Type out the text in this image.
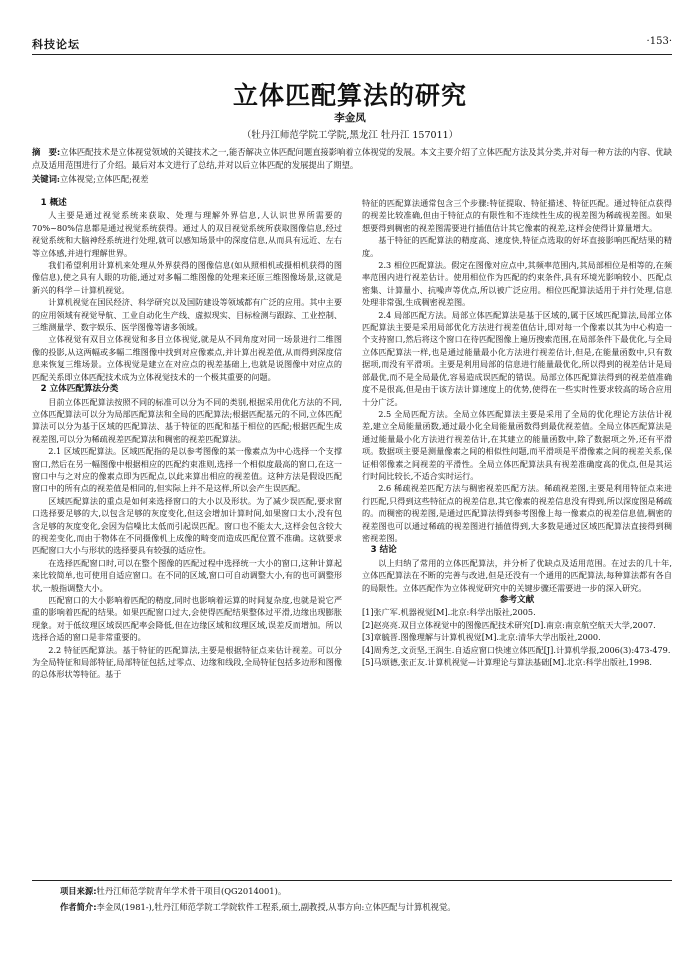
科技论坛	·153·
立体匹配算法的研究
李金凤
（牡丹江师范学院工学院,黑龙江 牡丹江 157011）
摘　要:立体匹配技术是立体视觉领域的关键技术之一,能否解决立体匹配问题直接影响着立体视觉的发展。本文主要介绍了立体匹配方法及其分类,并对每一种方法的内容、优缺点及适用范围进行了介绍。最后对本文进行了总结,并对以后立体匹配的发展提出了期望。
关键词:立体视觉;立体匹配;视差
1 概述

人主要是通过视觉系统来获取、处理与理解外界信息,人认识世界所需要的 70%~80%信息都是通过视觉系统获得。通过人的双目视觉系统所获取图像信息,经过视觉系统和大脑神经系统进行处理,就可以感知场景中的深度信息,从而具有远近、左右等立体感,并进行理解世界。

我们希望利用计算机来处理从外界获得的图像信息(如从照相机或摄相机获得的图像信息),使之具有人眼的功能,通过对多幅二维图像的处理来还原三维图像场景,这就是新兴的科学－计算机视觉。

计算机视觉在国民经济、科学研究以及国防建设等领域都有广泛的应用。其中主要的应用领域有视觉导航、工业自动化生产线、虚拟现实、目标检测与跟踪、工业控制、三维测量学、数字娱乐、医学图像等诸多领域。

立体视觉有双目立体视觉和多目立体视觉,就是从不同角度对同一场景进行二维图像的投影,从这两幅或多幅二维图像中找到对应像素点,并计算出视差值,从而得到深度信息来恢复三维场景。立体视觉是建立在对应点的视差基础上,也就是说图像中对应点的匹配关系即立体匹配技术成为立体视觉技术的一个极其重要的问题。

2 立体匹配算法分类

目前立体匹配算法按照不同的标准可以分为不同的类别,根据采用优化方法的不同,立体匹配算法可以分为局部匹配算法和全局的匹配算法;根据匹配基元的不同,立体匹配算法可以分为基于区域的匹配算法、基于特征的匹配和基于相位的匹配;根据匹配生成视差图,可以分为稀疏视差匹配算法和稠密的视差匹配算法。

2.1 区域匹配算法。区域匹配指的是以参考图像的某一像素点为中心选择一个支撑窗口,然后在另一幅图像中根据相应的匹配约束准则,选择一个相似度最高的窗口,在这一窗口中与之对应的像素点即为匹配点,以此来算出相应的视差值。这种方法是假设匹配窗口中的所有点的视差值是相同的,但实际上并不是这样,所以会产生误匹配。

区域匹配算法的重点是如何来选择窗口的大小以及形状。为了减少误匹配,要求窗口选择要足够的大,以包含足够的灰度变化,但这会增加计算时间,如果窗口太小,没有包含足够的灰度变化,会因为信噪比太低而引起误匹配。窗口也不能太大,这样会包含较大的视差变化,而由于物体在不同摄像机上成像的畸变而造成匹配位置不准确。这就要求匹配窗口大小与形状的选择要具有较强的适应性。

在选择匹配窗口时,可以在整个图像的匹配过程中选择统一大小的窗口,这种计算起来比较简单,也可使用自适应窗口。在不同的区域,窗口可自动调整大小,有的也可调整形状,一般指调整大小。

匹配窗口的大小影响着匹配的精度,同时也影响着运算的时间复杂度,也就是说它严重的影响着匹配的结果。如果匹配窗口过大,会使得匹配结果整体过平滑,边缘出现膨胀现象。对于低纹理区域误匹配率会降低,但在边缘区域和纹理区域,误差反而增加。所以选择合适的窗口是非常重要的。

2.2 特征匹配算法。基于特征的匹配算法,主要是根据特征点来估计视差。可以分为全局特征和局部特征,局部特征包括,过零点、边缘和线段,全局特征包括多边形和图像的总体形状等特征。基于

特征的匹配算法通常包含三个步骤:特征提取、特征描述、特征匹配。通过特征点获得的视差比较准确,但由于特征点的有限性和不连续性生成的视差图为稀疏视差图。如果想要得到稠密的视差图需要进行插值估计其它像素的视差,这样会使得计算量增大。

基于特征的匹配算法的精度高、速度快,特征点选取的好坏直接影响匹配结果的精度。

2.3 相位匹配算法。假定在图像对应点中,其频率范围内,其局部相位是相等的,在频率范围内进行视差估计。使用相位作为匹配的约束条件,具有环境光影响较小、匹配点密集、计算量小、抗噪声等优点,所以被广泛应用。相位匹配算法适用于并行处理,信息处理非常强,生成稠密视差图。

2.4 局部匹配方法。局部立体匹配算法是基于区域的,属于区域匹配算法,局部立体匹配算法主要是采用局部优化方法进行视差值估计,即对每一个像素以其为中心构造一个支持窗口,然后将这个窗口在待匹配图像上遍历搜索范围,在局部条件下最优化,与全局立体匹配算法一样,也是通过能量最小化方法进行视差估计,但是,在能量函数中,只有数据项,而没有平滑项。主要是利用局部的信息进行能量最优化,所以得到的视差估计是局部最优,而不是全局最优,容易造成误匹配的错误。局部立体匹配算法得到的视差值准确度不是很高,但是由于该方法计算速度上的优势,使得在一些实时性要求较高的场合应用十分广泛。

2.5 全局匹配方法。全局立体匹配算法主要是采用了全局的优化理论方法估计视差,建立全局能量函数,通过最小化全局能量函数得到最优视差值。全局立体匹配算法是通过能量最小化方法进行视差估计,在其建立的能量函数中,除了数据项之外,还有平滑项。数据项主要是测量像素之间的相似性问题,而平滑项是平滑像素之间的视差关系,保证相邻像素之间视差的平滑性。全局立体匹配算法具有视差准确度高的优点,但是其运行时间比较长,不适合实时运行。

2.6 稀疏视差匹配方法与稠密视差匹配方法。稀疏视差图,主要是利用特征点来进行匹配,只得到这些特征点的视差信息,其它像素的视差信息没有得到,所以深度图是稀疏的。而稠密的视差图,是通过匹配算法得到参考图像上每一像素点的视差信息值,稠密的视差图也可以通过稀疏的视差图进行插值得到,大多数是通过区域匹配算法直接得到稠密视差图。

3 结论

以上归纳了常用的立体匹配算法，并分析了优缺点及适用范围。在过去的几十年,立体匹配算法在不断的完善与改进,但是还没有一个通用的匹配算法,每种算法都有各自的局限性。立体匹配作为立体视觉研究中的关键步骤还需要进一步的深入研究。

参考文献
[1]张广军.机器视觉[M].北京:科学出版社,2005.
[2]赵亮亮.双目立体视觉中的图像匹配技术研究[D].南京:南京航空航天大学,2007.
[3]章毓晋.图像理解与计算机视觉[M].北京:清华大学出版社,2000.
[4]周秀芝,文贡坚,王润生.自适应窗口快速立体匹配[J].计算机学报,2006(3):473-479.
[5]马颂德,张正友.计算机视觉—计算理论与算法基础[M].北京:科学出版社,1998.
项目来源:牡丹江师范学院青年学术骨干项目(QG2014001)。
作者简介:李金凤(1981-),牡丹江师范学院工学院软件工程系,硕士,副教授,从事方向:立体匹配与计算机视觉。
